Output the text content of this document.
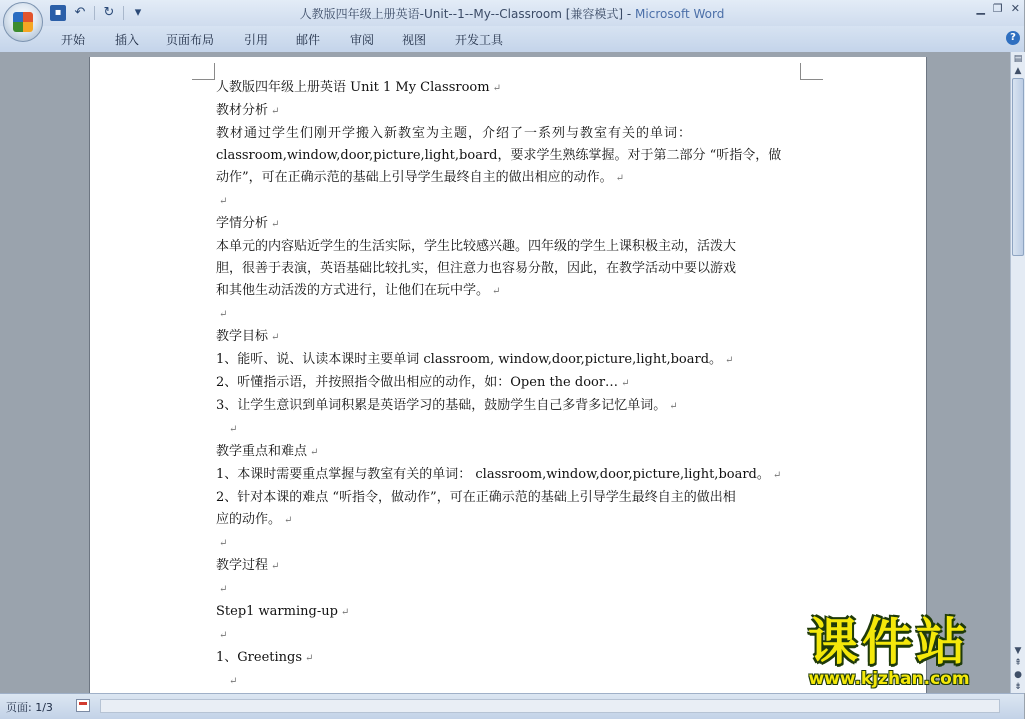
▪	↶ ↻	▾	人教版四年级上册英语-Unit--1--My--Classroom [兼容模式] - Microsoft Word	▁ ❐ ✕
开始 插入 页面布局 引用 邮件 审阅 视图 开发工具	?

人教版四年级上册英语 Unit 1 My Classroom ↵

教材分析 ↵

教材通过学生们刚开学搬入新教室为主题，介绍了一系列与教室有关的单词：

classroom,window,door,picture,light,board，要求学生熟练掌握。对于第二部分 “听指令，做

动作”，可在正确示范的基础上引导学生最终自主的做出相应的动作。 ↵

↵

学情分析 ↵

本单元的内容贴近学生的生活实际，学生比较感兴趣。四年级的学生上课积极主动，活泼大

胆，很善于表演，英语基础比较扎实，但注意力也容易分散，因此，在教学活动中要以游戏

和其他生动活泼的方式进行，让他们在玩中学。 ↵

↵

教学目标 ↵

1、能听、说、认读本课时主要单词 classroom, window,door,picture,light,board。 ↵

2、听懂指示语，并按照指令做出相应的动作，如：Open the door… ↵

3、让学生意识到单词积累是英语学习的基础，鼓励学生自己多背多记忆单词。 ↵

↵

教学重点和难点 ↵

1、本课时需要重点掌握与教室有关的单词： classroom,window,door,picture,light,board。 ↵

2、针对本课的难点 “听指令，做动作”，可在正确示范的基础上引导学生最终自主的做出相

应的动作。 ↵

↵

教学过程 ↵

↵

Step1 warming-up ↵

↵

1、Greetings ↵

↵

▤
▲
▼
⇞
●
⇟
课件站
www.kjzhan.com
页面: 1/3
